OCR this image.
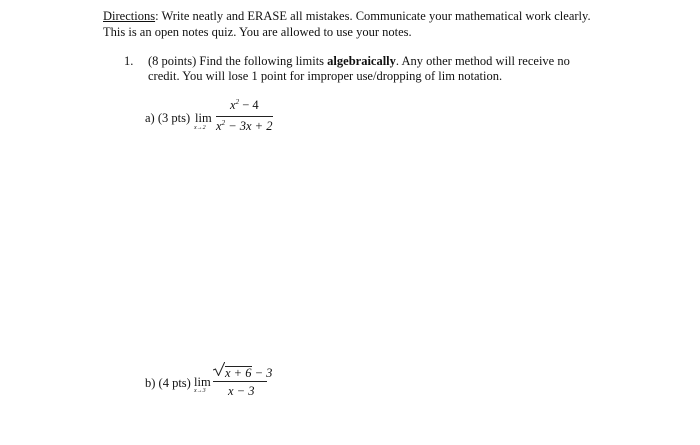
Directions: Write neatly and ERASE all mistakes. Communicate your mathematical work clearly.
This is an open notes quiz. You are allowed to use your notes.
1. (8 points) Find the following limits algebraically. Any other method will receive no
credit. You will lose 1 point for improper use/dropping of lim notation.
a) (3 pts) lim
x→2
$x^2 - 4$
$x^2 - 3x + 2$
b) (4 pts) lim
x→3
x + 6 − 3
x − 3
